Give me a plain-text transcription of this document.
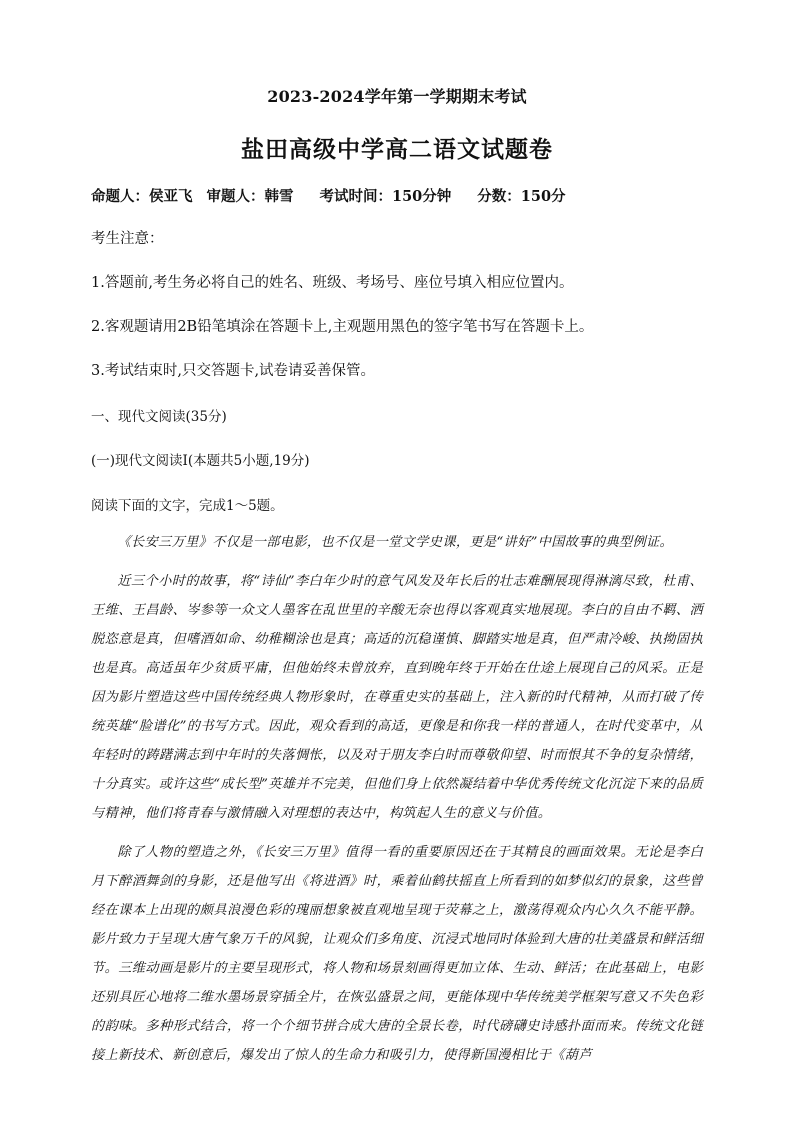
2023-2024学年第一学期期末考试
盐田高级中学高二语文试题卷
命题人：侯亚飞 审题人：韩雪 考试时间：150分钟 分数：150分
考生注意：
1.答题前,考生务必将自己的姓名、班级、考场号、座位号填入相应位置内。
2.客观题请用2B铅笔填涂在答题卡上,主观题用黑色的签字笔书写在答题卡上。
3.考试结束时,只交答题卡,试卷请妥善保管。
一、现代文阅读(35分)
(一)现代文阅读Ⅰ(本题共5小题,19分)
阅读下面的文字，完成1～5题。

《长安三万里》不仅是一部电影，也不仅是一堂文学史课，更是“讲好”中国故事的典型例证。

近三个小时的故事，将“诗仙”李白年少时的意气风发及年长后的壮志难酬展现得淋漓尽致，杜甫、王维、王昌龄、岑参等一众文人墨客在乱世里的辛酸无奈也得以客观真实地展现。李白的自由不羁、洒脱恣意是真，但嗜酒如命、幼稚糊涂也是真；高适的沉稳谨慎、脚踏实地是真，但严肃冷峻、执拗固执也是真。高适虽年少贫质平庸，但他始终未曾放弃，直到晚年终于开始在仕途上展现自己的风采。正是因为影片塑造这些中国传统经典人物形象时，在尊重史实的基础上，注入新的时代精神，从而打破了传统英雄“脸谱化”的书写方式。因此，观众看到的高适，更像是和你我一样的普通人，在时代变革中，从年轻时的踌躇满志到中年时的失落惆怅，以及对于朋友李白时而尊敬仰望、时而恨其不争的复杂情绪，十分真实。或许这些“成长型”英雄并不完美，但他们身上依然凝结着中华优秀传统文化沉淀下来的品质与精神，他们将青春与激情融入对理想的表达中，构筑起人生的意义与价值。

除了人物的塑造之外，《长安三万里》值得一看的重要原因还在于其精良的画面效果。无论是李白月下醉酒舞剑的身影，还是他写出《将进酒》时，乘着仙鹤扶摇直上所看到的如梦似幻的景象，这些曾经在课本上出现的颇具浪漫色彩的瑰丽想象被直观地呈现于荧幕之上，激荡得观众内心久久不能平静。影片致力于呈现大唐气象万千的风貌，让观众们多角度、沉浸式地同时体验到大唐的壮美盛景和鲜活细节。三维动画是影片的主要呈现形式，将人物和场景刻画得更加立体、生动、鲜活；在此基础上，电影还别具匠心地将二维水墨场景穿插全片，在恢弘盛景之间，更能体现中华传统美学框架写意又不失色彩的韵味。多种形式结合，将一个个细节拼合成大唐的全景长卷，时代磅礴史诗感扑面而来。传统文化链接上新技术、新创意后，爆发出了惊人的生命力和吸引力，使得新国漫相比于《葫芦
